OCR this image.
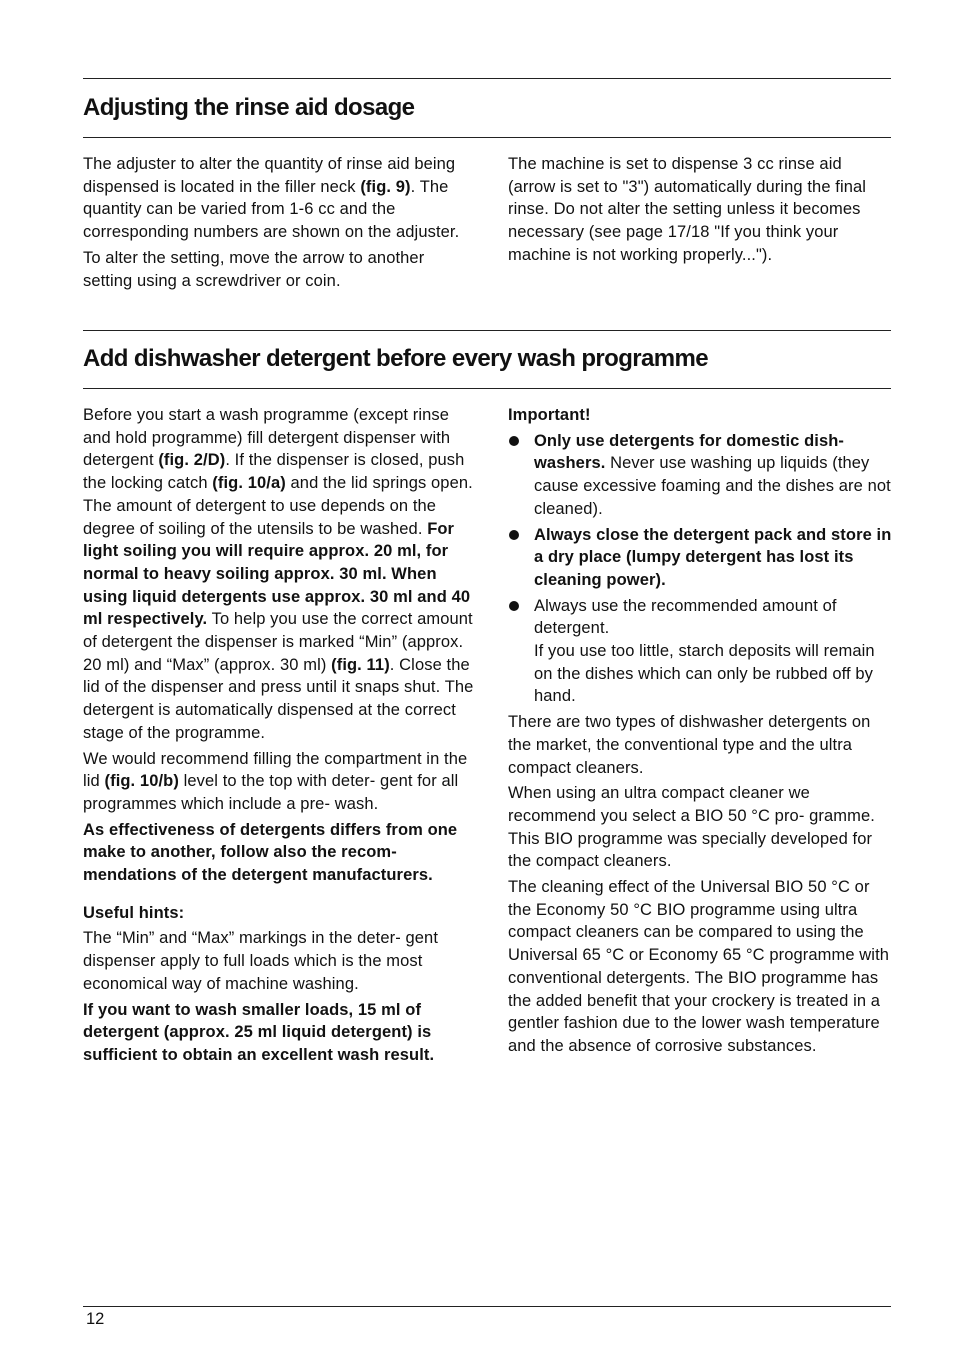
Adjusting the rinse aid dosage

The adjuster to alter the quantity of rinse aid being dispensed is located in the filler neck (fig. 9). The quantity can be varied from 1-6 cc and the corresponding numbers are shown on the adjuster.

To alter the setting, move the arrow to another setting using a screwdriver or coin.

The machine is set to dispense 3 cc rinse aid (arrow is set to "3") automatically during the final rinse. Do not alter the setting unless it becomes necessary (see page 17/18 "If you think your machine is not working properly...").

Add dishwasher detergent before every wash programme

Before you start a wash programme (except rinse and hold programme) fill detergent dispenser with detergent (fig. 2/D). If the dispenser is closed, push the locking catch (fig. 10/a) and the lid springs open. The amount of detergent to use depends on the degree of soiling of the utensils to be washed. For light soiling you will require approx. 20 ml, for normal to heavy soiling approx. 30 ml. When using liquid detergents use approx. 30 ml and 40 ml respectively. To help you use the correct amount of detergent the dispenser is marked “Min” (approx. 20 ml) and “Max” (approx. 30 ml) (fig. 11). Close the lid of the dispenser and press until it snaps shut. The detergent is automatically dispensed at the correct stage of the programme.

We would recommend filling the compartment in the lid (fig. 10/b) level to the top with deter- gent for all programmes which include a pre- wash.

As effectiveness of detergents differs from one make to another, follow also the recom- mendations of the detergent manufacturers.

Useful hints:

The “Min” and “Max” markings in the deter- gent dispenser apply to full loads which is the most economical way of machine washing.

If you want to wash smaller loads, 15 ml of detergent (approx. 25 ml liquid detergent) is sufficient to obtain an excellent wash result.

Important!

Only use detergents for domestic dish- washers. Never use washing up liquids (they cause excessive foaming and the dishes are not cleaned).
Always close the detergent pack and store in a dry place (lumpy detergent has lost its cleaning power).
Always use the recommended amount of detergent.
If you use too little, starch deposits will remain on the dishes which can only be rubbed off by hand.

There are two types of dishwasher detergents on the market, the conventional type and the ultra compact cleaners.

When using an ultra compact cleaner we recommend you select a BIO 50 °C pro- gramme. This BIO programme was specially developed for the compact cleaners.

The cleaning effect of the Universal BIO 50 °C or the Economy 50 °C BIO programme using ultra compact cleaners can be compared to using the Universal 65 °C or Economy 65 °C programme with conventional detergents. The BIO programme has the added benefit that your crockery is treated in a gentler fashion due to the lower wash temperature and the absence of corrosive substances.

12
